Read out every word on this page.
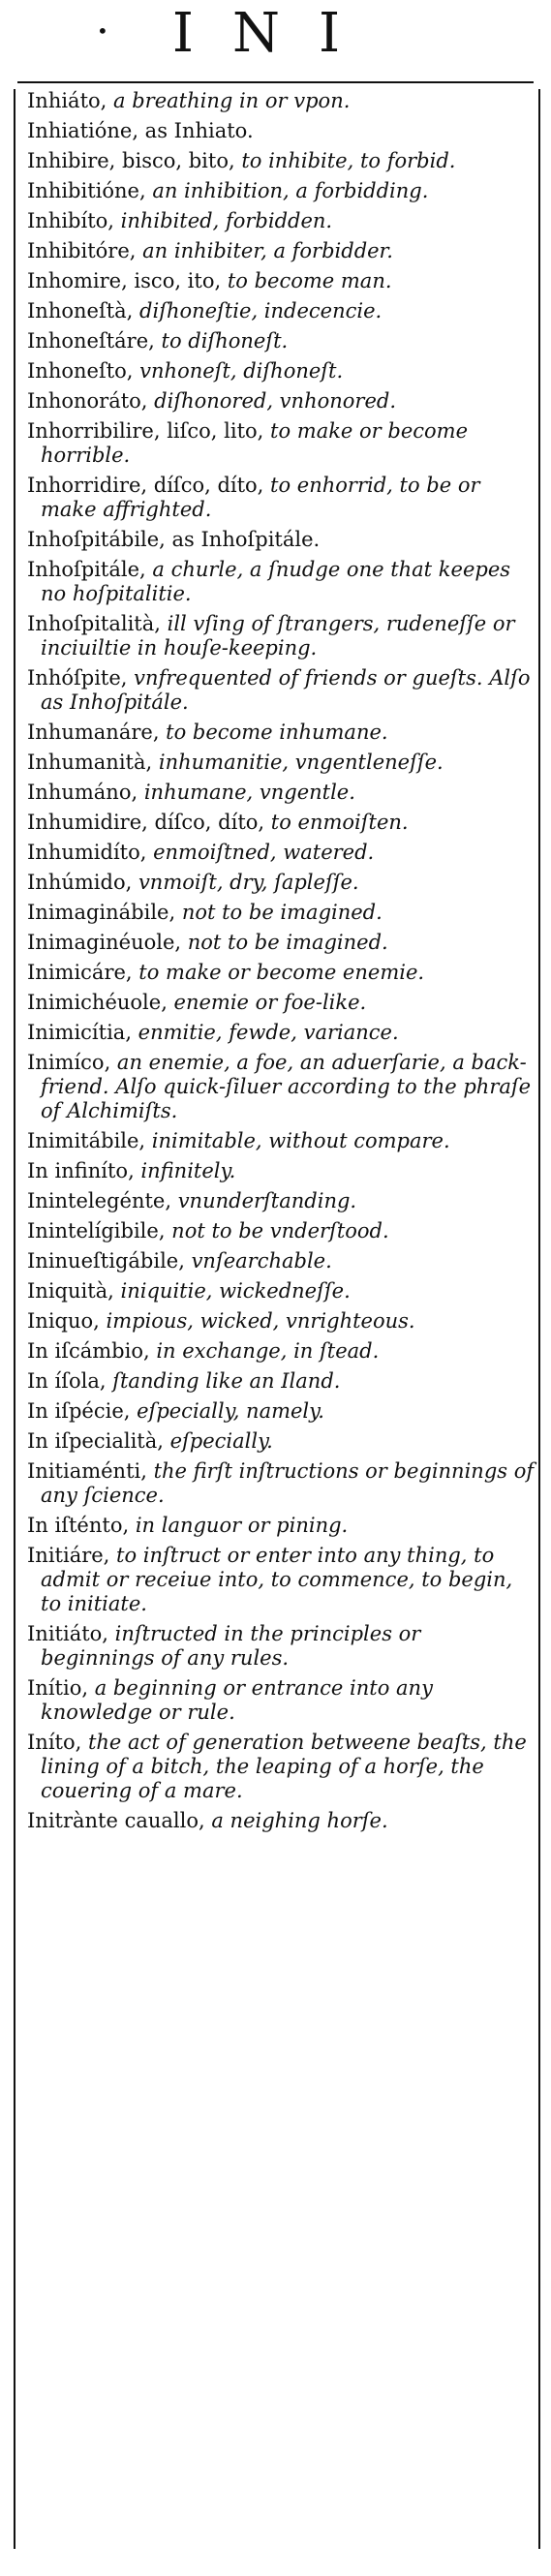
•	INI
Inhiáto, a breathing in or vpon.
Inhiatióne, as Inhiato.
Inhibire, bisco, bito, to inhibite, to forbid.
Inhibitióne, an inhibition, a forbidding.
Inhibíto, inhibited, forbidden.
Inhibitóre, an inhibiter, a forbidder.
Inhomire, isco, ito, to become man.
Inhoneſtà, diſhoneſtie, indecencie.
Inhoneſtáre, to diſhoneſt.
Inhoneſto, vnhoneſt, diſhoneſt.
Inhonoráto, diſhonored, vnhonored.
Inhorribilire, liſco, lito, to make or become horrible.
Inhorridire, díſco, díto, to enhorrid, to be or make affrighted.
Inhoſpitábile, as Inhoſpitále.
Inhoſpitále, a churle, a ſnudge one that keepes no hoſpitalitie.
Inhoſpitalità, ill vſing of ſtrangers, rudeneſſe or inciuiltie in houſe-keeping.
Inhóſpite, vnfrequented of friends or gueſts. Alſo as Inhoſpitále.
Inhumanáre, to become inhumane.
Inhumanità, inhumanitie, vngentleneſſe.
Inhumáno, inhumane, vngentle.
Inhumidire, díſco, díto, to enmoiſten.
Inhumidíto, enmoiſtned, watered.
Inhúmido, vnmoiſt, dry, ſapleſſe.
Inimaginábile, not to be imagined.
Inimaginéuole, not to be imagined.
Inimicáre, to make or become enemie.
Inimichéuole, enemie or foe-like.
Inimicítia, enmitie, fewde, variance.
Inimíco, an enemie, a foe, an aduerſarie, a back-friend. Alſo quick-ſiluer according to the phraſe of Alchimiſts.
Inimitábile, inimitable, without compare.
In infiníto, infinitely.
Inintelegénte, vnunderſtanding.
Inintelígibile, not to be vnderſtood.
Ininueſtigábile, vnſearchable.
Iniquità, iniquitie, wickedneſſe.
Iniquo, impious, wicked, vnrighteous.
In iſcámbio, in exchange, in ſtead.
In íſola, ſtanding like an Iland.
In iſpécie, eſpecially, namely.
In iſpecialità, eſpecially.
Initiaménti, the firſt inſtructions or beginnings of any ſcience.
In iſténto, in languor or pining.
Initiáre, to inſtruct or enter into any thing, to admit or receiue into, to commence, to begin, to initiate.
Initiáto, inſtructed in the principles or beginnings of any rules.
Inítio, a beginning or entrance into any knowledge or rule.
Iníto, the act of generation betweene beaſts, the lining of a bitch, the leaping of a horſe, the couering of a mare.
Initrànte cauallo, a neighing horſe.
